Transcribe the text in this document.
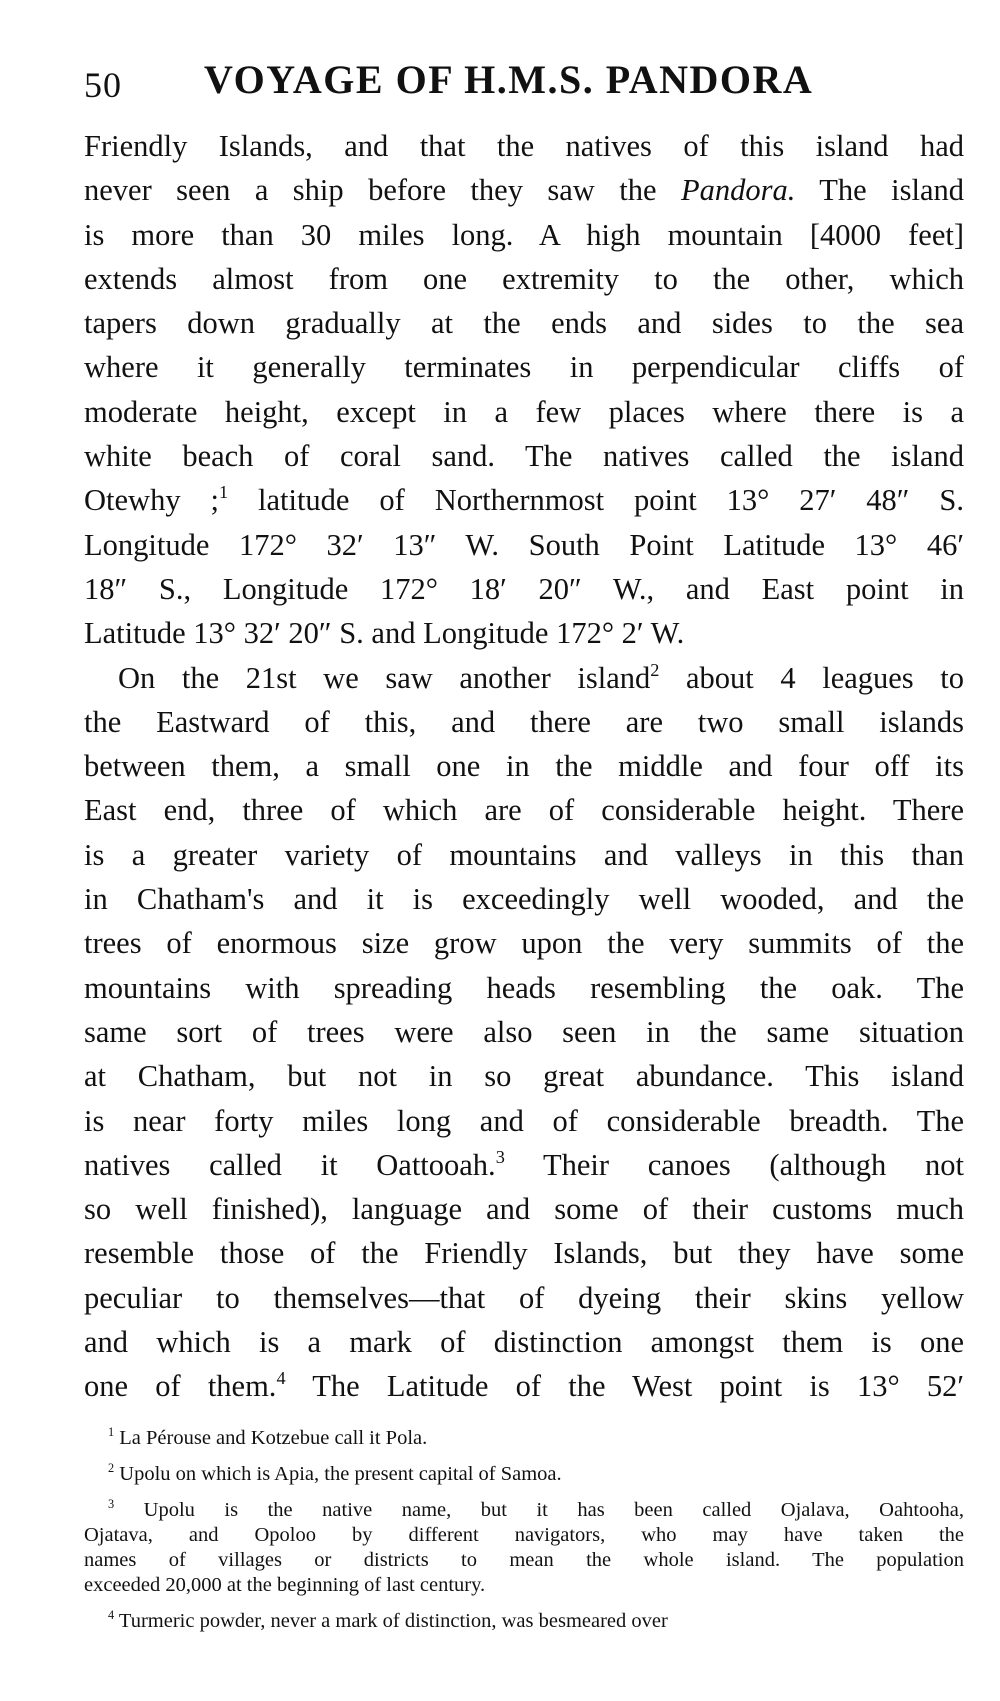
50 VOYAGE OF H.M.S. PANDORA
Friendly Islands, and that the natives of this island had
never seen a ship before they saw the Pandora. The island
is more than 30 miles long. A high mountain [4000 feet]
extends almost from one extremity to the other, which
tapers down gradually at the ends and sides to the sea
where it generally terminates in perpendicular cliffs of
moderate height, except in a few places where there is a
white beach of coral sand. The natives called the island
Otewhy ;$^1$ latitude of Northernmost point 13° 27′ 48″ S.
Longitude 172° 32′ 13″ W. South Point Latitude 13° 46′
18″ S., Longitude 172° 18′ 20″ W., and East point in
Latitude 13° 32′ 20″ S. and Longitude 172° 2′ W.
On the 21st we saw another island$^2$ about 4 leagues to
the Eastward of this, and there are two small islands
between them, a small one in the middle and four off its
East end, three of which are of considerable height. There
is a greater variety of mountains and valleys in this than
in Chatham's and it is exceedingly well wooded, and the
trees of enormous size grow upon the very summits of the
mountains with spreading heads resembling the oak. The
same sort of trees were also seen in the same situation
at Chatham, but not in so great abundance. This island
is near forty miles long and of considerable breadth. The
natives called it Oattooah.$^3$ Their canoes (although not
so well finished), language and some of their customs much
resemble those of the Friendly Islands, but they have some
peculiar to themselves—that of dyeing their skins yellow
and which is a mark of distinction amongst them is one
one of them.$^4$ The Latitude of the West point is 13° 52′
$^1$ La Pérouse and Kotzebue call it Pola.
$^2$ Upolu on which is Apia, the present capital of Samoa.
$^3$ Upolu is the native name, but it has been called Ojalava, Oahtooha,
Ojatava, and Opoloo by different navigators, who may have taken the
names of villages or districts to mean the whole island. The population
exceeded 20,000 at the beginning of last century.
$^4$ Turmeric powder, never a mark of distinction, was besmeared over
